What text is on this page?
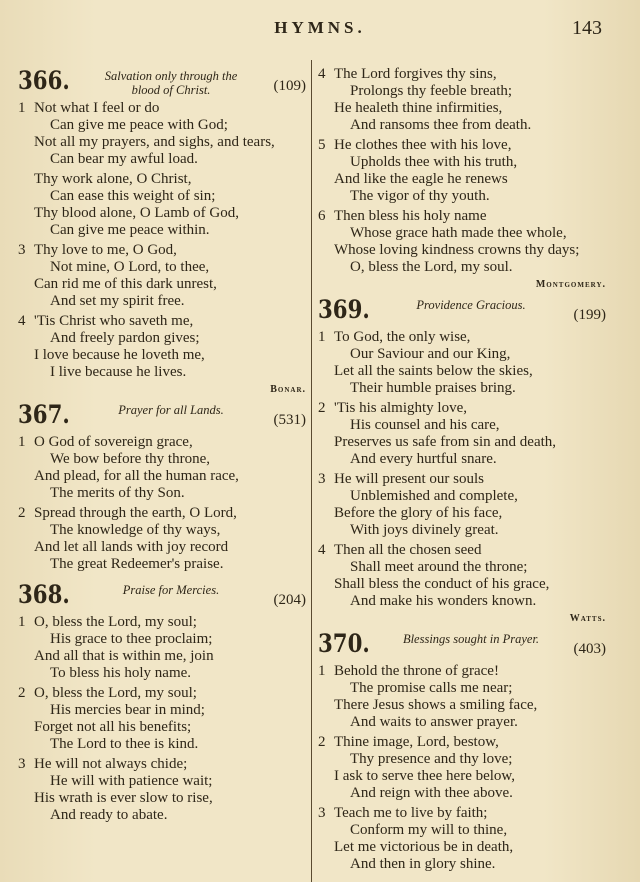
HYMNS.	143
366.	Salvation only through the blood of Christ.	(109)
1 Not what I feel or do
Can give me peace with God;
Not all my prayers, and sighs, and tears,
Can bear my awful load.
Thy work alone, O Christ,
Can ease this weight of sin;
Thy blood alone, O Lamb of God,
Can give me peace within.
3 Thy love to me, O God,
Not mine, O Lord, to thee,
Can rid me of this dark unrest,
And set my spirit free.
4 'Tis Christ who saveth me,
And freely pardon gives;
I love because he loveth me,
I live because he lives.
Bonar.
367.	Prayer for all Lands.
(531)
1 O God of sovereign grace,
We bow before thy throne,
And plead, for all the human race,
The merits of thy Son.
2 Spread through the earth, O Lord,
The knowledge of thy ways,
And let all lands with joy record
The great Redeemer's praise.
368.	Praise for Mercies.
(204)
1 O, bless the Lord, my soul;
His grace to thee proclaim;
And all that is within me, join
To bless his holy name.
2 O, bless the Lord, my soul;
His mercies bear in mind;
Forget not all his benefits;
The Lord to thee is kind.
3 He will not always chide;
He will with patience wait;
His wrath is ever slow to rise,
And ready to abate.
4 The Lord forgives thy sins,
Prolongs thy feeble breath;
He healeth thine infirmities,
And ransoms thee from death.
5 He clothes thee with his love,
Upholds thee with his truth,
And like the eagle he renews
The vigor of thy youth.
6 Then bless his holy name
Whose grace hath made thee whole,
Whose loving kindness crowns thy days;
O, bless the Lord, my soul.
Montgomery.
369.	Providence Gracious.
(199)
1 To God, the only wise,
Our Saviour and our King,
Let all the saints below the skies,
Their humble praises bring.
2 'Tis his almighty love,
His counsel and his care,
Preserves us safe from sin and death,
And every hurtful snare.
3 He will present our souls
Unblemished and complete,
Before the glory of his face,
With joys divinely great.
4 Then all the chosen seed
Shall meet around the throne;
Shall bless the conduct of his grace,
And make his wonders known.
Watts.
370.	Blessings sought in Prayer.
(403)
1 Behold the throne of grace!
The promise calls me near;
There Jesus shows a smiling face,
And waits to answer prayer.
2 Thine image, Lord, bestow,
Thy presence and thy love;
I ask to serve thee here below,
And reign with thee above.
3 Teach me to live by faith;
Conform my will to thine,
Let me victorious be in death,
And then in glory shine.
